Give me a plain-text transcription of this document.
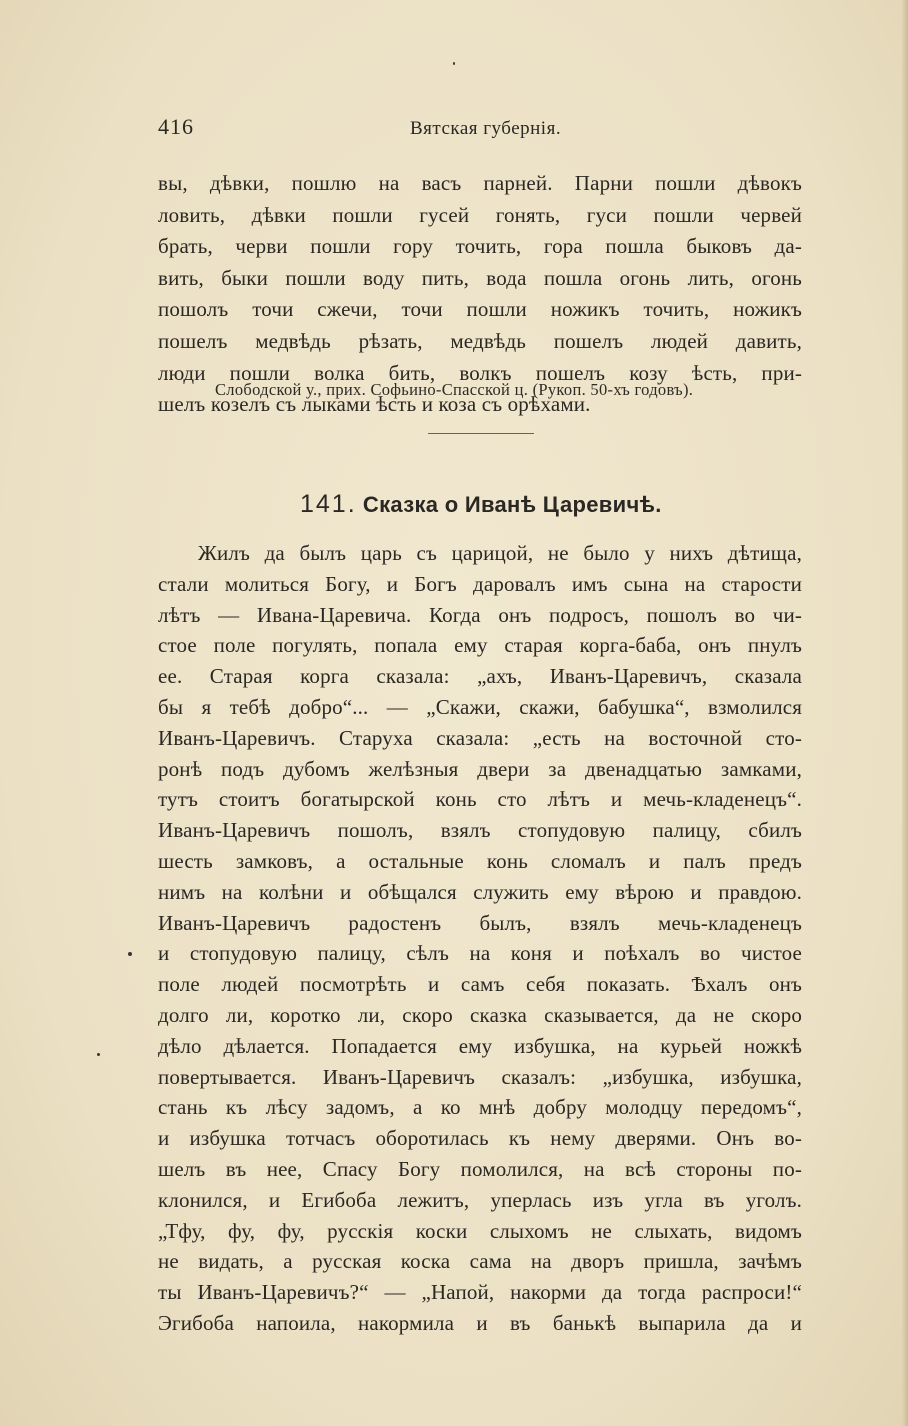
416	Вятская губернія.
вы, дѣвки, пошлю на васъ парней. Парни пошли дѣвокъ
ловить, дѣвки пошли гусей гонять, гуси пошли червей
брать, черви пошли гору точить, гора пошла быковъ да-
вить, быки пошли воду пить, вода пошла огонь лить, огонь
пошолъ точи сжечи, точи пошли ножикъ точить, ножикъ
пошелъ медвѣдь рѣзать, медвѣдь пошелъ людей давить,
люди пошли волка бить, волкъ пошелъ козу ѣсть, при-
шелъ козелъ съ лыками ѣсть и коза съ орѣхами.
Слободской у., прих. Софьино-Спасской ц. (Рукоп. 50-хъ годовъ).
141. Сказка о Иванѣ Царевичѣ.
Жилъ да былъ царь съ царицой, не было у нихъ дѣтища,
стали молиться Богу, и Богъ даровалъ имъ сына на старости
лѣтъ — Ивана-Царевича. Когда онъ подросъ, пошолъ во чи-
стое поле погулять, попала ему старая корга-баба, онъ пнулъ
ее. Старая корга сказала: „ахъ, Иванъ-Царевичъ, сказала
бы я тебѣ добро“... — „Скажи, скажи, бабушка“, взмолился
Иванъ-Царевичъ. Старуха сказала: „есть на восточной сто-
ронѣ подъ дубомъ желѣзныя двери за двенадцатью замками,
тутъ стоитъ богатырской конь сто лѣтъ и мечь-кладенецъ“.
Иванъ-Царевичъ пошолъ, взялъ стопудовую палицу, сбилъ
шесть замковъ, а остальные конь сломалъ и палъ предъ
нимъ на колѣни и обѣщался служить ему вѣрою и правдою.
Иванъ-Царевичъ радостенъ былъ, взялъ мечь-кладенецъ
и стопудовую палицу, сѣлъ на коня и поѣхалъ во чистое
поле людей посмотрѣть и самъ себя показать. Ѣхалъ онъ
долго ли, коротко ли, скоро сказка сказывается, да не скоро
дѣло дѣлается. Попадается ему избушка, на курьей ножкѣ
повертывается. Иванъ-Царевичъ сказалъ: „избушка, избушка,
стань къ лѣсу задомъ, а ко мнѣ добру молодцу передомъ“,
и избушка тотчасъ оборотилась къ нему дверями. Онъ во-
шелъ въ нее, Спасу Богу помолился, на всѣ стороны по-
клонился, и Егибоба лежитъ, уперлась изъ угла въ уголъ.
„Тфу, фу, фу, русскія коски слыхомъ не слыхать, видомъ
не видать, а русская коска сама на дворъ пришла, зачѣмъ
ты Иванъ-Царевичъ?“ — „Напой, накорми да тогда распроси!“
Эгибоба напоила, накормила и въ банькѣ выпарила да и
